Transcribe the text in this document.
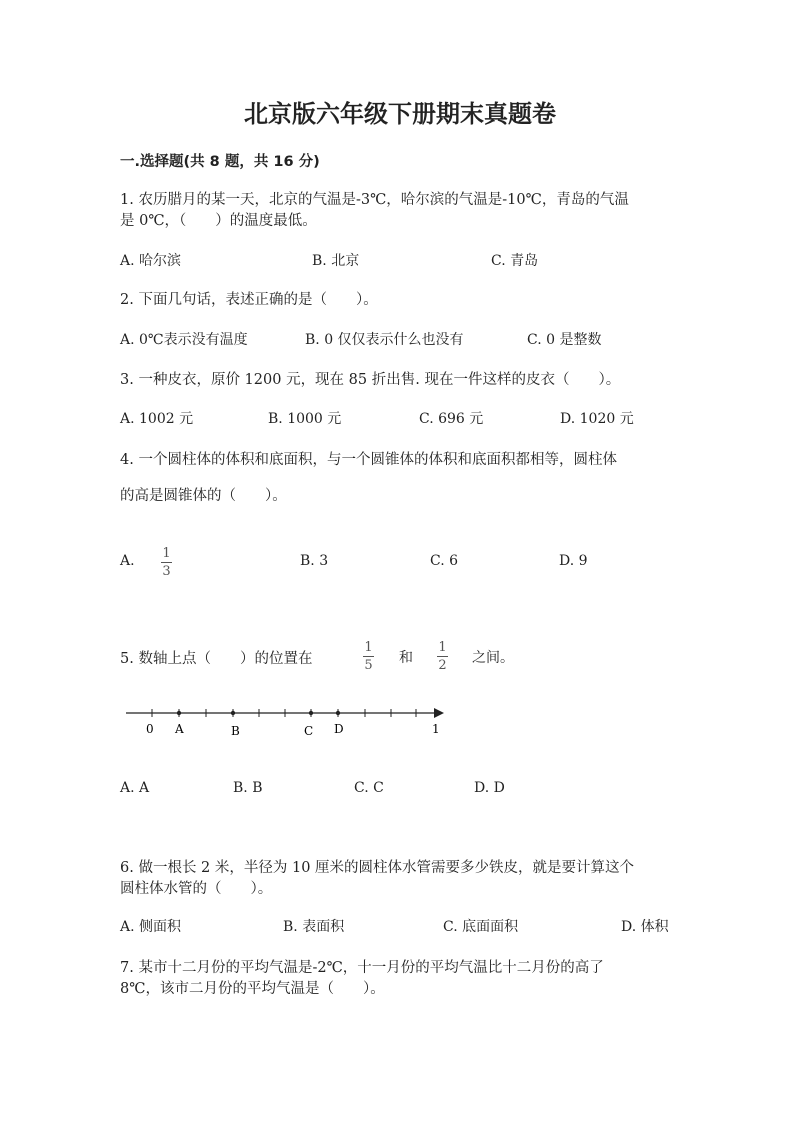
北京版六年级下册期末真题卷
一.选择题(共 8 题，共 16 分)
1. 农历腊月的某一天，北京的气温是-3℃，哈尔滨的气温是-10℃，青岛的气温
是 0℃，（　　）的温度最低。
A. 哈尔滨	B. 北京	C. 青岛
2. 下面几句话，表述正确的是（　　）。
A. 0℃表示没有温度	B. 0 仅仅表示什么也没有	C. 0 是整数
3. 一种皮衣，原价 1200 元，现在 85 折出售. 现在一件这样的皮衣（　　）。
A. 1002 元	B. 1000 元	C. 696 元	D. 1020 元
4. 一个圆柱体的体积和底面积，与一个圆锥体的体积和底面积都相等，圆柱体
的高是圆锥体的（　　）。
A. 1
3
B. 3	C. 6	D. 9
5. 数轴上点（　　）的位置在
1
5 和
1
2 之间。
0 A	B	C D	1
A. A	B. B	C. C	D. D
6. 做一根长 2 米，半径为 10 厘米的圆柱体水管需要多少铁皮，就是要计算这个
圆柱体水管的（　　）。
A. 侧面积	B. 表面积	C. 底面面积	D. 体积
7. 某市十二月份的平均气温是-2℃，十一月份的平均气温比十二月份的高了
8℃，该市二月份的平均气温是（　　）。
